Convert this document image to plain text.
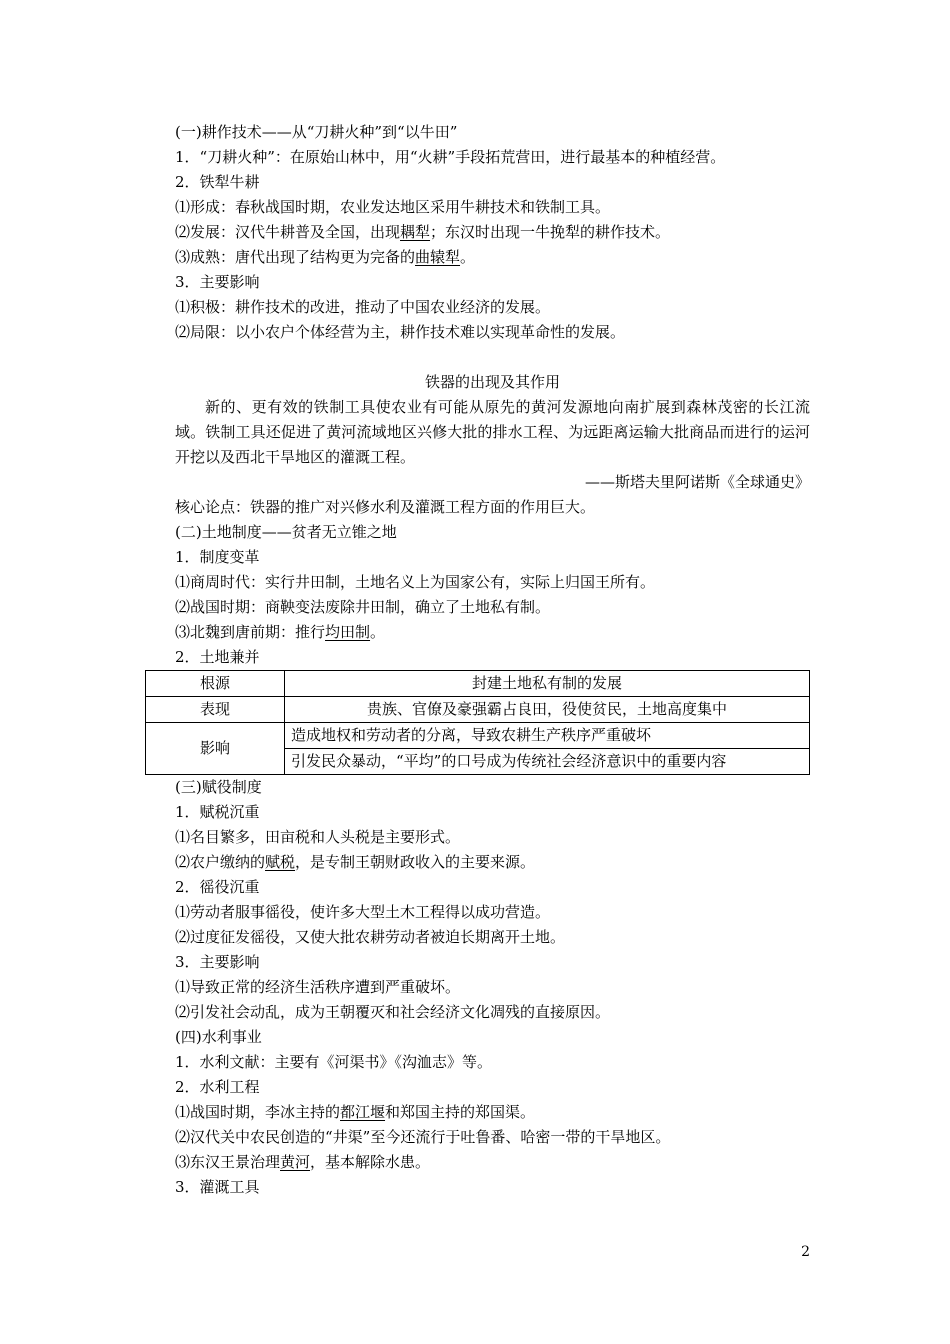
(一)耕作技术——从“刀耕火种”到“以牛田”
1．“刀耕火种”：在原始山林中，用“火耕”手段拓荒营田，进行最基本的种植经营。
2．铁犁牛耕
⑴形成：春秋战国时期，农业发达地区采用牛耕技术和铁制工具。
⑵发展：汉代牛耕普及全国，出现耦犁；东汉时出现一牛挽犁的耕作技术。
⑶成熟：唐代出现了结构更为完备的曲辕犁。
3．主要影响
⑴积极：耕作技术的改进，推动了中国农业经济的发展。
⑵局限：以小农户个体经营为主，耕作技术难以实现革命性的发展。
铁器的出现及其作用

新的、更有效的铁制工具使农业有可能从原先的黄河发源地向南扩展到森林茂密的长江流域。铁制工具还促进了黄河流域地区兴修大批的排水工程、为远距离运输大批商品而进行的运河开挖以及西北干旱地区的灌溉工程。

——斯塔夫里阿诺斯《全球通史》
核心论点：铁器的推广对兴修水利及灌溉工程方面的作用巨大。
(二)土地制度——贫者无立锥之地
1．制度变革
⑴商周时代：实行井田制，土地名义上为国家公有，实际上归国王所有。
⑵战国时期：商鞅变法废除井田制，确立了土地私有制。
⑶北魏到唐前期：推行均田制。
2．土地兼并
根源	封建土地私有制的发展
表现	贵族、官僚及豪强霸占良田，役使贫民，土地高度集中
影响	造成地权和劳动者的分离，导致农耕生产秩序严重破坏
	引发民众暴动，“平均”的口号成为传统社会经济意识中的重要内容
(三)赋役制度
1．赋税沉重
⑴名目繁多，田亩税和人头税是主要形式。
⑵农户缴纳的赋税，是专制王朝财政收入的主要来源。
2．徭役沉重
⑴劳动者服事徭役，使许多大型土木工程得以成功营造。
⑵过度征发徭役，又使大批农耕劳动者被迫长期离开土地。
3．主要影响
⑴导致正常的经济生活秩序遭到严重破坏。
⑵引发社会动乱，成为王朝覆灭和社会经济文化凋残的直接原因。
(四)水利事业
1．水利文献：主要有《河渠书》《沟洫志》等。
2．水利工程
⑴战国时期，李冰主持的都江堰和郑国主持的郑国渠。
⑵汉代关中农民创造的“井渠”至今还流行于吐鲁番、哈密一带的干旱地区。
⑶东汉王景治理黄河，基本解除水患。
3．灌溉工具
2
